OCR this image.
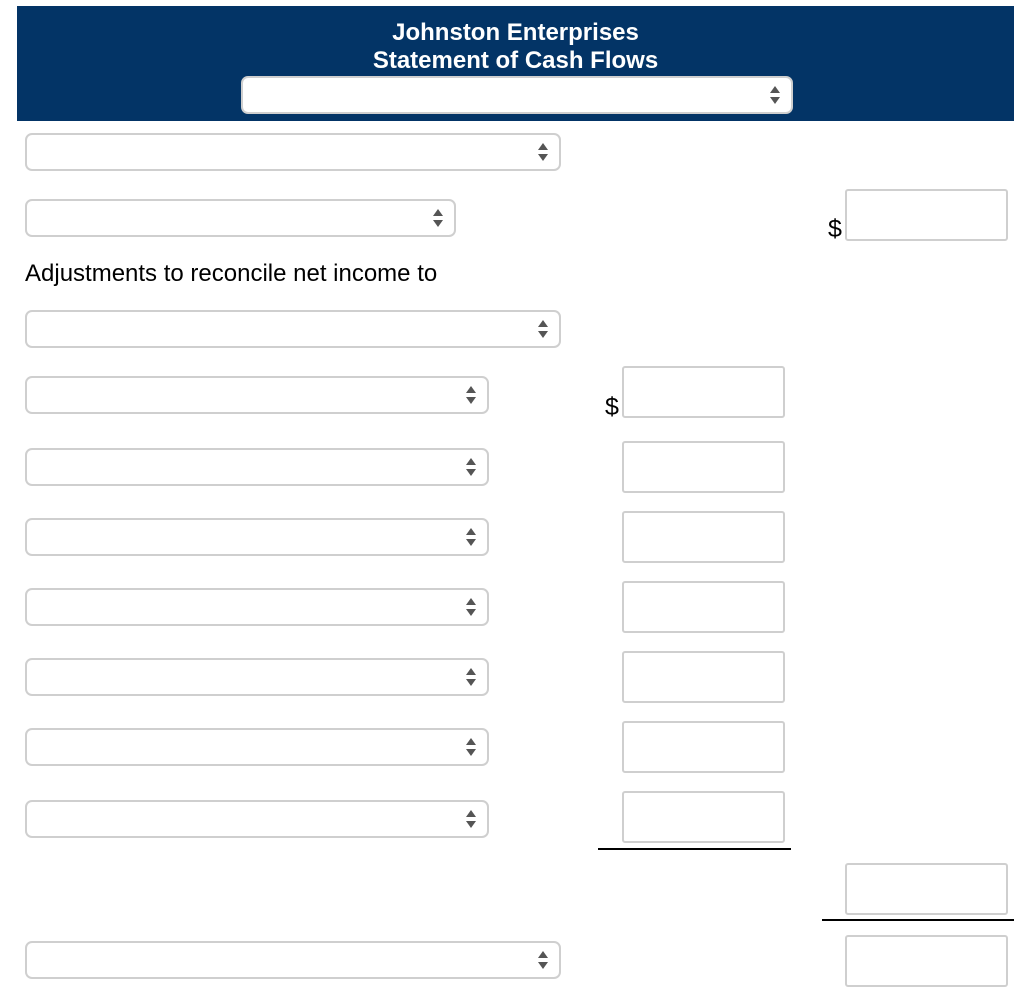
Johnston Enterprises
Statement of Cash Flows
$
Adjustments to reconcile net income to
$
